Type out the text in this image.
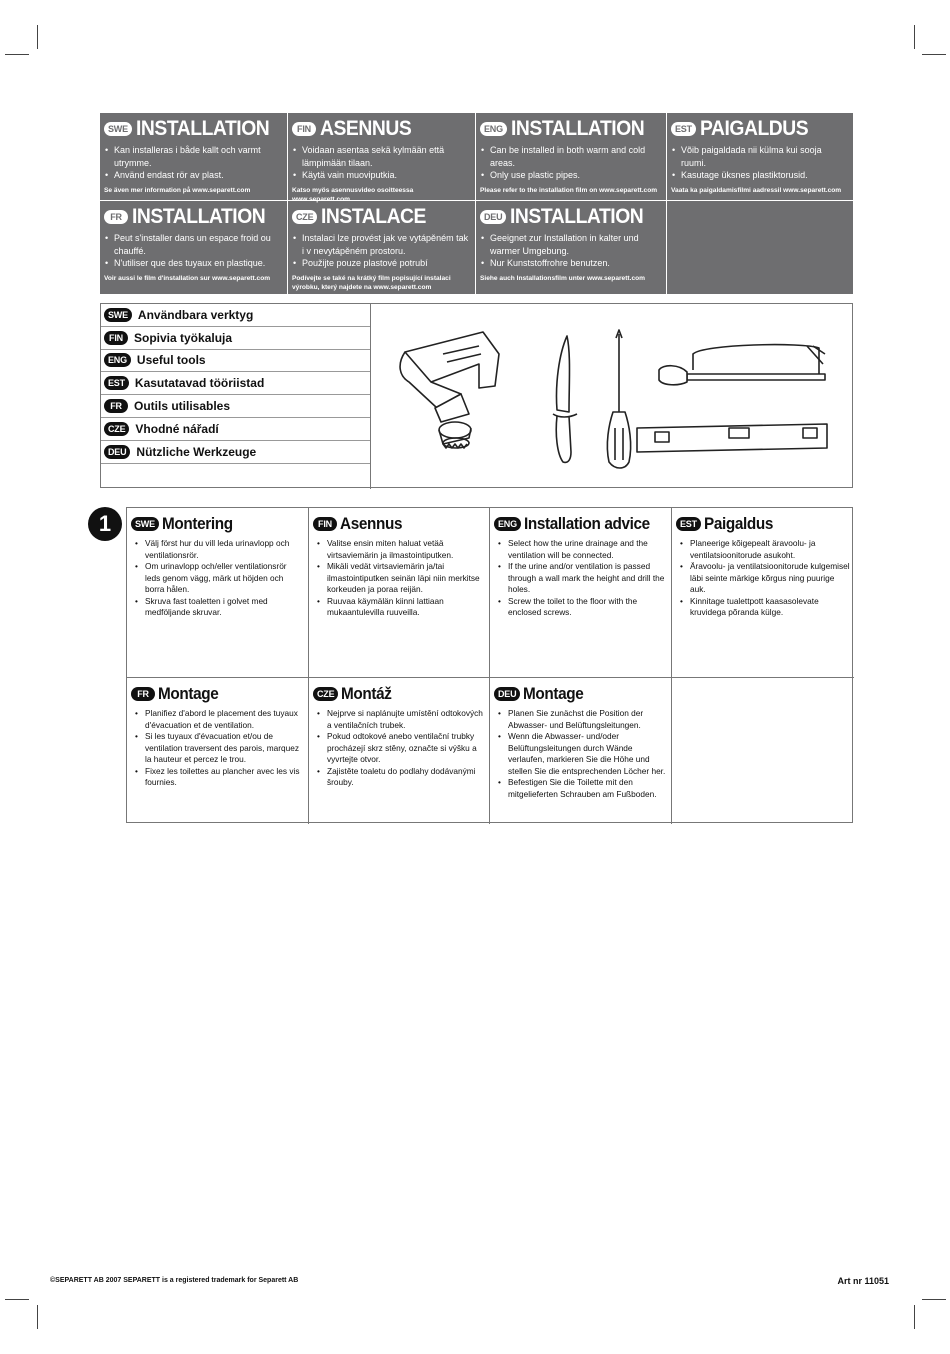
SWE INSTALLATION
• Kan installeras i både kallt och varmt utrymme.
• Använd endast rör av plast.
Se även mer information på www.separett.com
FIN ASENNUS
• Voidaan asentaa sekä kylmään että lämpimään tilaan.
• Käytä vain muoviputkia.
Katso myös asennusvideo osoitteessa www.separett.com
ENG INSTALLATION
• Can be installed in both warm and cold areas.
• Only use plastic pipes.
Please refer to the installation film on www.separett.com
EST PAIGALDUS
• Võib paigaldada nii külma kui sooja ruumi.
• Kasutage üksnes plastiktorusid.
Vaata ka paigaldamisfilmi aadressil www.separett.com
FR INSTALLATION
• Peut s'installer dans un espace froid ou chauffé.
• N'utiliser que des tuyaux en plastique.
Voir aussi le film d'installation sur www.separett.com
CZE INSTALACE
• Instalaci lze provést jak ve vytápěném tak i v nevytápěném prostoru.
• Použijte pouze plastové potrubí
Podívejte se také na krátký film popisující instalaci výrobku, který najdete na www.separett.com
DEU INSTALLATION
• Geeignet zur Installation in kalter und warmer Umgebung.
• Nur Kunststoffrohre benutzen.
Siehe auch Installationsfilm unter www.separett.com
SWE Användbara verktyg
FIN Sopivia työkaluja
ENG Useful tools
EST Kasutatavad tööriistad
FR	Outils utilisables
CZE Vhodné nářadí
DEU Nützliche Werkzeuge
1	SWE Montering
• Välj först hur du vill leda urinavlopp och ventilationsrör.
• Om urinavlopp och/eller ventilationsrör leds genom vägg, märk ut höjden och borra hålen.
• Skruva fast toaletten i golvet med medföljande skruvar.
FIN Asennus
• Valitse ensin miten haluat vetää virtsaviemärin ja ilmastointiputken.
• Mikäli vedät virtsaviemärin ja/tai ilmastointiputken seinän läpi niin merkitse korkeuden ja poraa reijän.
• Ruuvaa käymälän kiinni lattiaan mukaantulevilla ruuveilla.
ENG Installation advice
• Select how the urine drainage and the ventilation will be connected.
• If the urine and/or ventilation is passed through a wall mark the height and drill the holes.
• Screw the toilet to the floor with the enclosed screws.
EST Paigaldus
• Planeerige kõigepealt äravoolu- ja ventilatsioonitorude asukoht.
• Äravoolu- ja ventilatsioonitorude kulgemisel läbi seinte märkige kõrgus ning puurige auk.
• Kinnitage tualettpott kaasasolevate kruvidega põranda külge.
FR Montage
• Planifiez d'abord le placement des tuyaux d'évacuation et de ventilation.
• Si les tuyaux d'évacuation et/ou de ventilation traversent des parois, marquez la hauteur et percez le trou.
• Fixez les toilettes au plancher avec les vis fournies.
CZE Montáž
• Nejprve si naplánujte umístění odtokových a ventilačních trubek.
• Pokud odtokové anebo ventilační trubky procházejí skrz stěny, označte si výšku a vyvrtejte otvor.
• Zajistěte toaletu do podlahy dodávanými šrouby.
DEU Montage
• Planen Sie zunächst die Position der Abwasser- und Belüftungsleitungen.
• Wenn die Abwasser- und/oder Belüftungsleitungen durch Wände verlaufen, markieren Sie die Höhe und stellen Sie die entsprechenden Löcher her.
• Befestigen Sie die Toilette mit den mitgelieferten Schrauben am Fußboden.
©SEPARETT AB 2007 SEPARETT is a registered trademark for Separett AB	Art nr 11051
